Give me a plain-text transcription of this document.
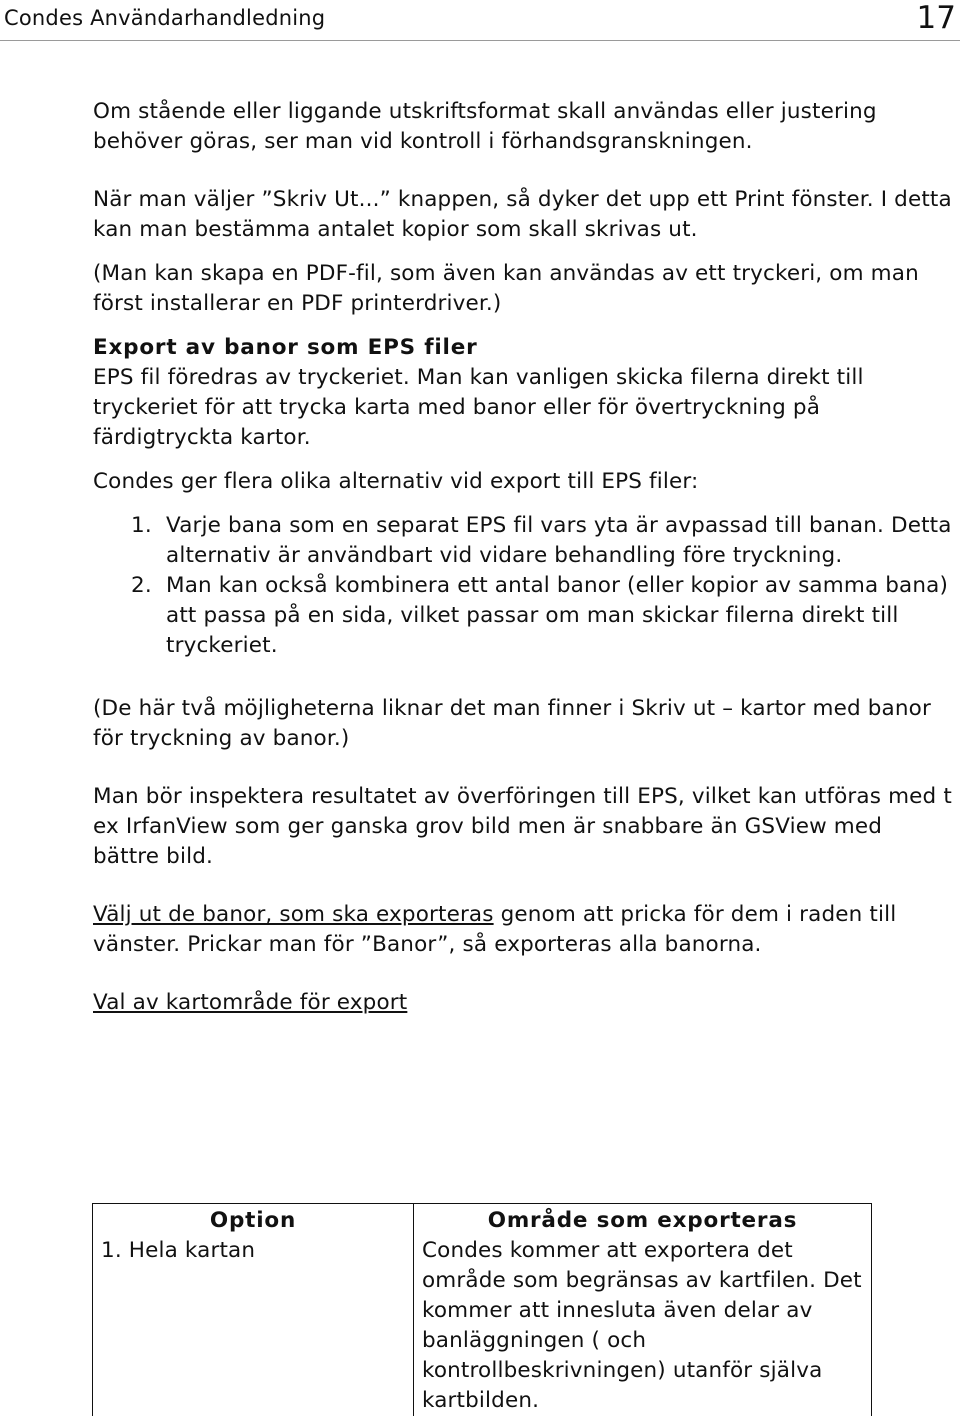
Condes Användarhandledning	17

Om stående eller liggande utskriftsformat skall användas eller justering behöver göras, ser man vid kontroll i förhandsgranskningen.

När man väljer ”Skriv Ut...” knappen, så dyker det upp ett Print fönster. I detta kan man bestämma antalet kopior som skall skrivas ut.

(Man kan skapa en PDF-fil, som även kan användas av ett tryckeri, om man först installerar en PDF printerdriver.)

Export av banor som EPS filer

EPS fil föredras av tryckeriet. Man kan vanligen skicka filerna direkt till tryckeriet för att trycka karta med banor eller för övertryckning på färdigtryckta kartor.

Condes ger flera olika alternativ vid export till EPS filer:

1. Varje bana som en separat EPS fil vars yta är avpassad till banan. Detta alternativ är användbart vid vidare behandling före tryckning.
2. Man kan också kombinera ett antal banor (eller kopior av samma bana) att passa på en sida, vilket passar om man skickar filerna direkt till tryckeriet.

(De här två möjligheterna liknar det man finner i Skriv ut – kartor med banor för tryckning av banor.)

Man bör inspektera resultatet av överföringen till EPS, vilket kan utföras med t ex IrfanView som ger ganska grov bild men är snabbare än GSView med bättre bild.

Välj ut de banor, som ska exporteras genom att pricka för dem i raden till vänster. Prickar man för ”Banor”, så exporteras alla banorna.

Val av kartområde för export

Option	Område som exporteras
1. Hela kartan	Condes kommer att exportera det område som begränsas av kartfilen. Det kommer att innesluta även delar av banläggningen ( och kontrollbeskrivningen) utanför själva kartbilden.
